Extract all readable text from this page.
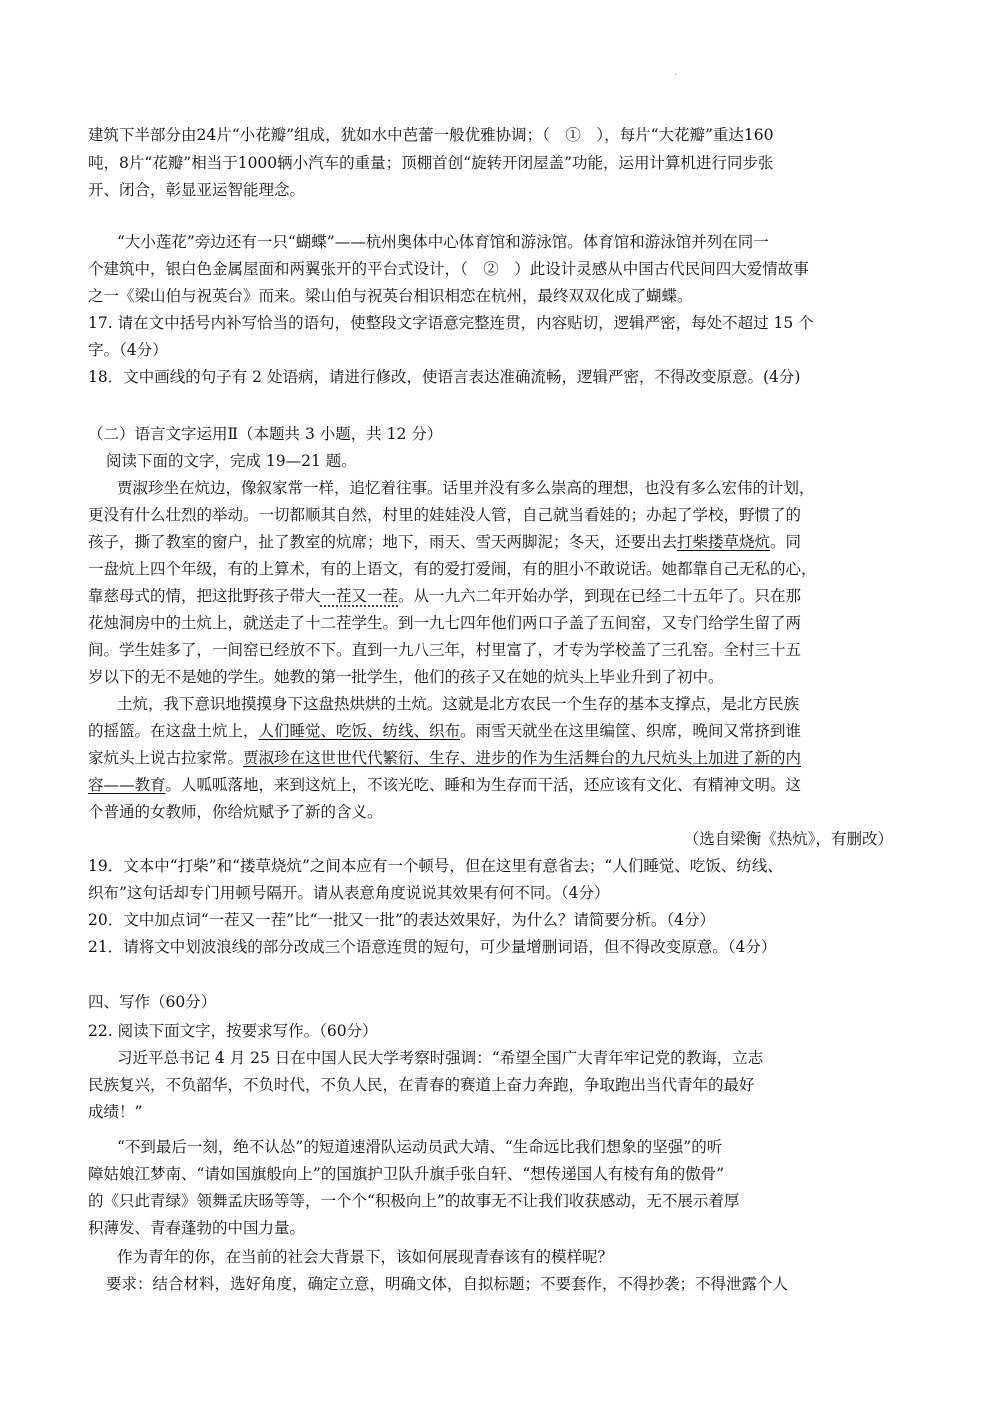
.
建筑下半部分由24片“小花瓣”组成，犹如水中芭蕾一般优雅协调；（　①　），每片“大花瓣”重达160
吨，8片“花瓣”相当于1000辆小汽车的重量；顶棚首创“旋转开闭屋盖”功能，运用计算机进行同步张
开、闭合，彰显亚运智能理念。
“大小莲花”旁边还有一只“蝴蝶”——杭州奥体中心体育馆和游泳馆。体育馆和游泳馆并列在同一
个建筑中，银白色金属屋面和两翼张开的平台式设计，（　②　）此设计灵感从中国古代民间四大爱情故事
之一《梁山伯与祝英台》而来。梁山伯与祝英台相识相恋在杭州，最终双双化成了蝴蝶。
17. 请在文中括号内补写恰当的语句，使整段文字语意完整连贯，内容贴切，逻辑严密，每处不超过 15 个
字。（4分）
18．文中画线的句子有 2 处语病，请进行修改，使语言表达准确流畅，逻辑严密，不得改变原意。(4分)
（二）语言文字运用Ⅱ（本题共 3 小题，共 12 分）
阅读下面的文字，完成 19—21 题。
贾淑珍坐在炕边，像叙家常一样，追忆着往事。话里并没有多么崇高的理想，也没有多么宏伟的计划，
更没有什么壮烈的举动。一切都顺其自然，村里的娃娃没人管，自己就当看娃的；办起了学校，野惯了的
孩子，撕了教室的窗户，扯了教室的炕席；地下，雨天、雪天两脚泥；冬天，还要出去打柴搂草烧炕。同
一盘炕上四个年级，有的上算术，有的上语文，有的爱打爱闹，有的胆小不敢说话。她都靠自己无私的心，
靠慈母式的情，把这批野孩子带大一茬又一茬。从一九六二年开始办学，到现在已经二十五年了。只在那
花烛洞房中的土炕上，就送走了十二茬学生。到一九七四年他们两口子盖了五间窑，又专门给学生留了两
间。学生娃多了，一间窑已经放不下。直到一九八三年，村里富了，才专为学校盖了三孔窑。全村三十五
岁以下的无不是她的学生。她教的第一批学生，他们的孩子又在她的炕头上毕业升到了初中。
土炕，我下意识地摸摸身下这盘热烘烘的土炕。这就是北方农民一个生存的基本支撑点，是北方民族
的摇篮。在这盘土炕上，人们睡觉、吃饭、纺线、织布。雨雪天就坐在这里编筐、织席，晚间又常挤到谁
家炕头上说古拉家常。贾淑珍在这世世代代繁衍、生存、进步的作为生活舞台的九尺炕头上加进了新的内
容——教育。人呱呱落地，来到这炕上，不该光吃、睡和为生存而干活，还应该有文化、有精神文明。这
个普通的女教师，你给炕赋予了新的含义。
（选自梁衡《热炕》，有删改）
19．文本中“打柴”和“搂草烧炕”之间本应有一个顿号，但在这里有意省去；“人们睡觉、吃饭、纺线、
织布”这句话却专门用顿号隔开。请从表意角度说说其效果有何不同。（4分）
20．文中加点词“一茬又一茬”比“一批又一批”的表达效果好，为什么？请简要分析。（4分）
21．请将文中划波浪线的部分改成三个语意连贯的短句，可少量增删词语，但不得改变原意。（4分）
四、写作（60分）
22. 阅读下面文字，按要求写作。（60分）
习近平总书记 4 月 25 日在中国人民大学考察时强调：“希望全国广大青年牢记党的教诲，立志
民族复兴，不负韶华，不负时代，不负人民，在青春的赛道上奋力奔跑，争取跑出当代青年的最好
成绩！”
“不到最后一刻，绝不认怂”的短道速滑队运动员武大靖、“生命远比我们想象的坚强”的听
障姑娘江梦南、“请如国旗般向上”的国旗护卫队升旗手张自轩、“想传递国人有棱有角的傲骨”
的《只此青绿》领舞孟庆旸等等，一个个“积极向上”的故事无不让我们收获感动，无不展示着厚
积薄发、青春蓬勃的中国力量。
作为青年的你，在当前的社会大背景下，该如何展现青春该有的模样呢？
要求：结合材料，选好角度，确定立意，明确文体，自拟标题；不要套作，不得抄袭；不得泄露个人
